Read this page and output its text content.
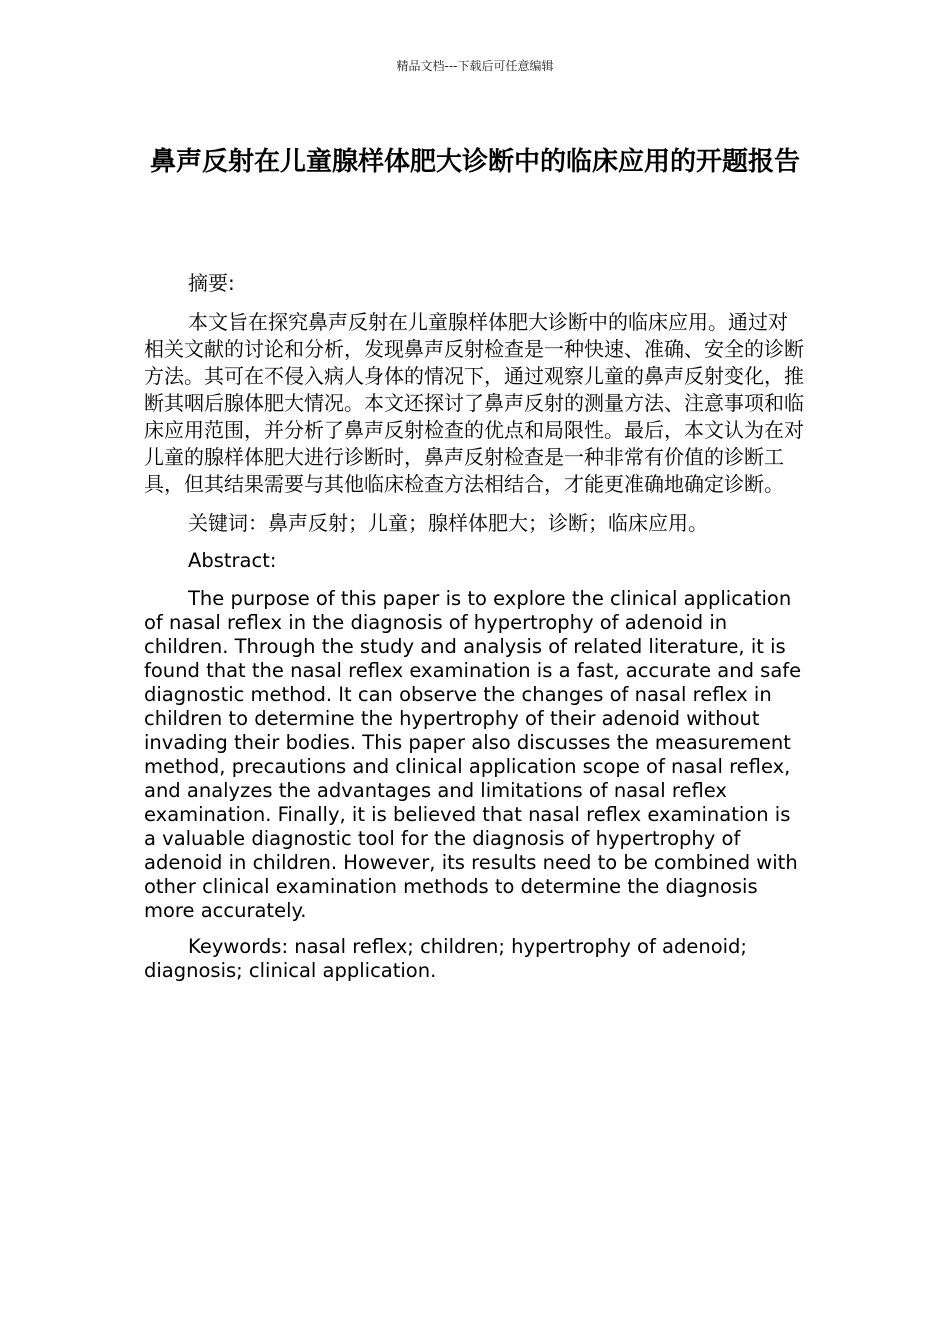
精品文档---下载后可任意编辑
鼻声反射在儿童腺样体肥大诊断中的临床应用的开题报告

摘要:

本文旨在探究鼻声反射在儿童腺样体肥大诊断中的临床应用。通过对相关文献的讨论和分析，发现鼻声反射检查是一种快速、准确、安全的诊断方法。其可在不侵入病人身体的情况下，通过观察儿童的鼻声反射变化，推断其咽后腺体肥大情况。本文还探讨了鼻声反射的测量方法、注意事项和临床应用范围，并分析了鼻声反射检查的优点和局限性。最后，本文认为在对儿童的腺样体肥大进行诊断时，鼻声反射检查是一种非常有价值的诊断工具，但其结果需要与其他临床检查方法相结合，才能更准确地确定诊断。

关键词：鼻声反射；儿童；腺样体肥大；诊断；临床应用。

Abstract:

The purpose of this paper is to explore the clinical application of nasal reflex in the diagnosis of hypertrophy of adenoid in children. Through the study and analysis of related literature, it is found that the nasal reflex examination is a fast, accurate and safe diagnostic method. It can observe the changes of nasal reflex in children to determine the hypertrophy of their adenoid without invading their bodies. This paper also discusses the measurement method, precautions and clinical application scope of nasal reflex, and analyzes the advantages and limitations of nasal reflex examination. Finally, it is believed that nasal reflex examination is a valuable diagnostic tool for the diagnosis of hypertrophy of adenoid in children. However, its results need to be combined with other clinical examination methods to determine the diagnosis more accurately.

Keywords: nasal reflex; children; hypertrophy of adenoid; diagnosis; clinical application.
